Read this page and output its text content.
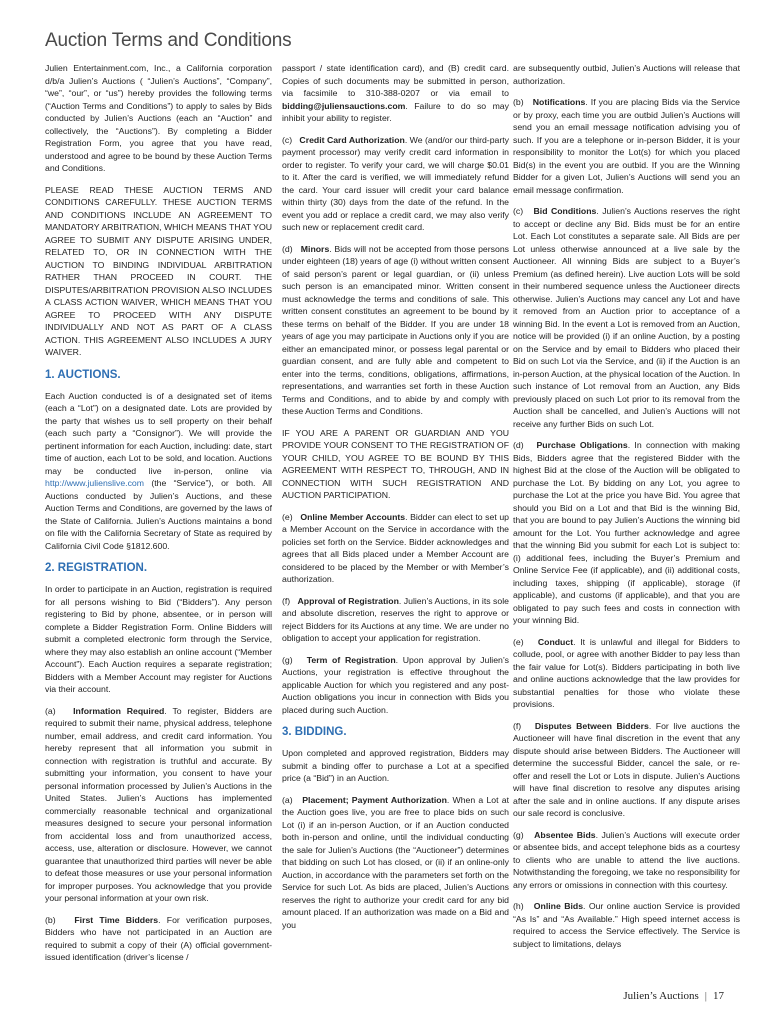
Auction Terms and Conditions

Julien Entertainment.com, Inc., a California corporation d/b/a Julien’s Auctions ( “Julien’s Auctions”, “Company”, “we”, “our”, or “us”) hereby provides the following terms (“Auction Terms and Conditions”) to apply to sales by Bids conducted by Julien’s Auctions (each an “Auction” and collectively, the “Auctions”). By completing a Bidder Registration Form, you agree that you have read, understood and agree to be bound by these Auction Terms and Conditions.

PLEASE READ THESE AUCTION TERMS AND CONDITIONS CAREFULLY. THESE AUCTION TERMS AND CONDITIONS INCLUDE AN AGREEMENT TO MANDATORY ARBITRATION, WHICH MEANS THAT YOU AGREE TO SUBMIT ANY DISPUTE ARISING UNDER, RELATED TO, OR IN CONNECTION WITH THE AUCTION TO BINDING INDIVIDUAL ARBITRATION RATHER THAN PROCEED IN COURT. THE DISPUTES/ARBITRATION PROVISION ALSO INCLUDES A CLASS ACTION WAIVER, WHICH MEANS THAT YOU AGREE TO PROCEED WITH ANY DISPUTE INDIVIDUALLY AND NOT AS PART OF A CLASS ACTION. THIS AGREEMENT ALSO INCLUDES A JURY WAIVER.

1. AUCTIONS.

Each Auction conducted is of a designated set of items (each a “Lot”) on a designated date. Lots are provided by the party that wishes us to sell property on their behalf (each such party a “Consignor”). We will provide the pertinent information for each Auction, including: date, start time of auction, each Lot to be sold, and location. Auctions may be conducted live in-person, online via http://www.julienslive.com (the “Service”), or both. All Auctions conducted by Julien’s Auctions, and these Auction Terms and Conditions, are governed by the laws of the State of California. Julien’s Auctions maintains a bond on file with the California Secretary of State as required by California Civil Code §1812.600.

2. REGISTRATION.

In order to participate in an Auction, registration is required for all persons wishing to Bid (“Bidders”). Any person registering to Bid by phone, absentee, or in person will complete a Bidder Registration Form. Online Bidders will submit a completed electronic form through the Service, where they may also establish an online account (“Member Account”). Each Auction requires a separate registration; Bidders with a Member Account may register for Auctions via their account.

(a)   Information Required. To register, Bidders are required to submit their name, physical address, telephone number, email address, and credit card information. You hereby represent that all information you submit in connection with registration is truthful and accurate. By submitting your information, you consent to have your personal information processed by Julien’s Auctions in the United States. Julien’s Auctions has implemented commercially reasonable technical and organizational measures designed to secure your personal information from accidental loss and from unauthorized access, access, use, alteration or disclosure. However, we cannot guarantee that unauthorized third parties will never be able to defeat those measures or use your personal information for improper purposes. You acknowledge that you provide your personal information at your own risk.

(b)   First Time Bidders. For verification purposes, Bidders who have not participated in an Auction are required to submit a copy of their (A) official government-issued identification (driver’s license /

passport / state identification card), and (B) credit card. Copies of such documents may be submitted in person, via facsimile to 310-388-0207 or via email to bidding@juliensauctions.com. Failure to do so may inhibit your ability to register.

(c)   Credit Card Authorization. We (and/or our third-party payment processor) may verify credit card information in order to register. To verify your card, we will charge $0.01 to it. After the card is verified, we will immediately refund the card. Your card issuer will credit your card balance within thirty (30) days from the date of the refund. In the event you add or replace a credit card, we may also verify such new or replacement credit card.

(d)   Minors. Bids will not be accepted from those persons under eighteen (18) years of age (i) without written consent of said person’s parent or legal guardian, or (ii) unless such person is an emancipated minor. Written consent must acknowledge the terms and conditions of sale. This written consent constitutes an agreement to be bound by these terms on behalf of the Bidder. If you are under 18 years of age you may participate in Auctions only if you are either an emancipated minor, or possess legal parental or guardian consent, and are fully able and competent to enter into the terms, conditions, obligations, affirmations, representations, and warranties set forth in these Auction Terms and Conditions, and to abide by and comply with these Auction Terms and Conditions.

IF YOU ARE A PARENT OR GUARDIAN AND YOU PROVIDE YOUR CONSENT TO THE REGISTRATION OF YOUR CHILD, YOU AGREE TO BE BOUND BY THIS AGREEMENT WITH RESPECT TO, THROUGH, AND IN CONNECTION WITH SUCH REGISTRATION AND AUCTION PARTICIPATION.

(e)   Online Member Accounts. Bidder can elect to set up a Member Account on the Service in accordance with the policies set forth on the Service. Bidder acknowledges and agrees that all Bids placed under a Member Account are considered to be placed by the Member or with Member’s authorization.

(f)   Approval of Registration. Julien’s Auctions, in its sole and absolute discretion, reserves the right to approve or reject Bidders for its Auctions at any time. We are under no obligation to accept your application for registration.

(g)   Term of Registration. Upon approval by Julien’s Auctions, your registration is effective throughout the applicable Auction for which you registered and any post-Auction obligations you incur in connection with Bids you placed during such Auction.

3. BIDDING.

Upon completed and approved registration, Bidders may submit a binding offer to purchase a Lot at a specified price (a “Bid”) in an Auction.

(a)   Placement; Payment Authorization. When a Lot at the Auction goes live, you are free to place bids on such Lot (i) if an in-person Auction, or if an Auction conducted both in-person and online, until the individual conducting the sale for Julien’s Auctions (the “Auctioneer”) determines that bidding on such Lot has closed, or (ii) if an online-only Auction, in accordance with the parameters set forth on the Service for such Lot. As bids are placed, Julien’s Auctions reserves the right to authorize your credit card for any bid amount placed. If an authorization was made on a Bid and you

are subsequently outbid, Julien’s Auctions will release that authorization.

(b)   Notifications. If you are placing Bids via the Service or by proxy, each time you are outbid Julien’s Auctions will send you an email message notification advising you of such. If you are a telephone or in-person Bidder, it is your responsibility to monitor the Lot(s) for which you placed Bid(s) in the event you are outbid. If you are the Winning Bidder for a given Lot, Julien’s Auctions will send you an email message confirmation.

(c)   Bid Conditions. Julien’s Auctions reserves the right to accept or decline any Bid. Bids must be for an entire Lot. Each Lot constitutes a separate sale. All Bids are per Lot unless otherwise announced at a live sale by the Auctioneer. All winning Bids are subject to a Buyer’s Premium (as defined herein). Live auction Lots will be sold in their numbered sequence unless the Auctioneer directs otherwise. Julien’s Auctions may cancel any Lot and have it removed from an Auction prior to acceptance of a winning Bid. In the event a Lot is removed from an Auction, notice will be provided (i) if an online Auction, by a posting on the Service and by email to Bidders who placed their Bid on such Lot via the Service, and (ii) if the Auction is an in-person Auction, at the physical location of the Auction. In such instance of Lot removal from an Auction, any Bids previously placed on such Lot prior to its removal from the Auction shall be cancelled, and Julien’s Auctions will not receive any further Bids on such Lot.

(d)   Purchase Obligations. In connection with making Bids, Bidders agree that the registered Bidder with the highest Bid at the close of the Auction will be obligated to purchase the Lot. By bidding on any Lot, you agree to purchase the Lot at the price you have Bid. You agree that should you Bid on a Lot and that Bid is the winning Bid, that you are bound to pay Julien’s Auctions the winning bid amount for the Lot. You further acknowledge and agree that the winning Bid you submit for each Lot is subject to: (i) additional fees, including the Buyer’s Premium and Online Service Fee (if applicable), and (ii) additional costs, including taxes, shipping (if applicable), storage (if applicable), and customs (if applicable), and that you are obligated to pay such fees and costs in connection with your winning Bid.

(e)   Conduct. It is unlawful and illegal for Bidders to collude, pool, or agree with another Bidder to pay less than the fair value for Lot(s). Bidders participating in both live and online auctions acknowledge that the law provides for substantial penalties for those who violate these provisions.

(f)   Disputes Between Bidders. For live auctions the Auctioneer will have final discretion in the event that any dispute should arise between Bidders. The Auctioneer will determine the successful Bidder, cancel the sale, or re-offer and resell the Lot or Lots in dispute. Julien’s Auctions will have final discretion to resolve any disputes arising after the sale and in online auctions. If any dispute arises our sale record is conclusive.

(g)   Absentee Bids. Julien’s Auctions will execute order or absentee bids, and accept telephone bids as a courtesy to clients who are unable to attend the live auctions. Notwithstanding the foregoing, we take no responsibility for any errors or omissions in connection with this courtesy.

(h)   Online Bids. Our online auction Service is provided “As Is” and “As Available.” High speed internet access is required to access the Service effectively. The Service is subject to limitations, delays

Julien’s Auctions | 17
